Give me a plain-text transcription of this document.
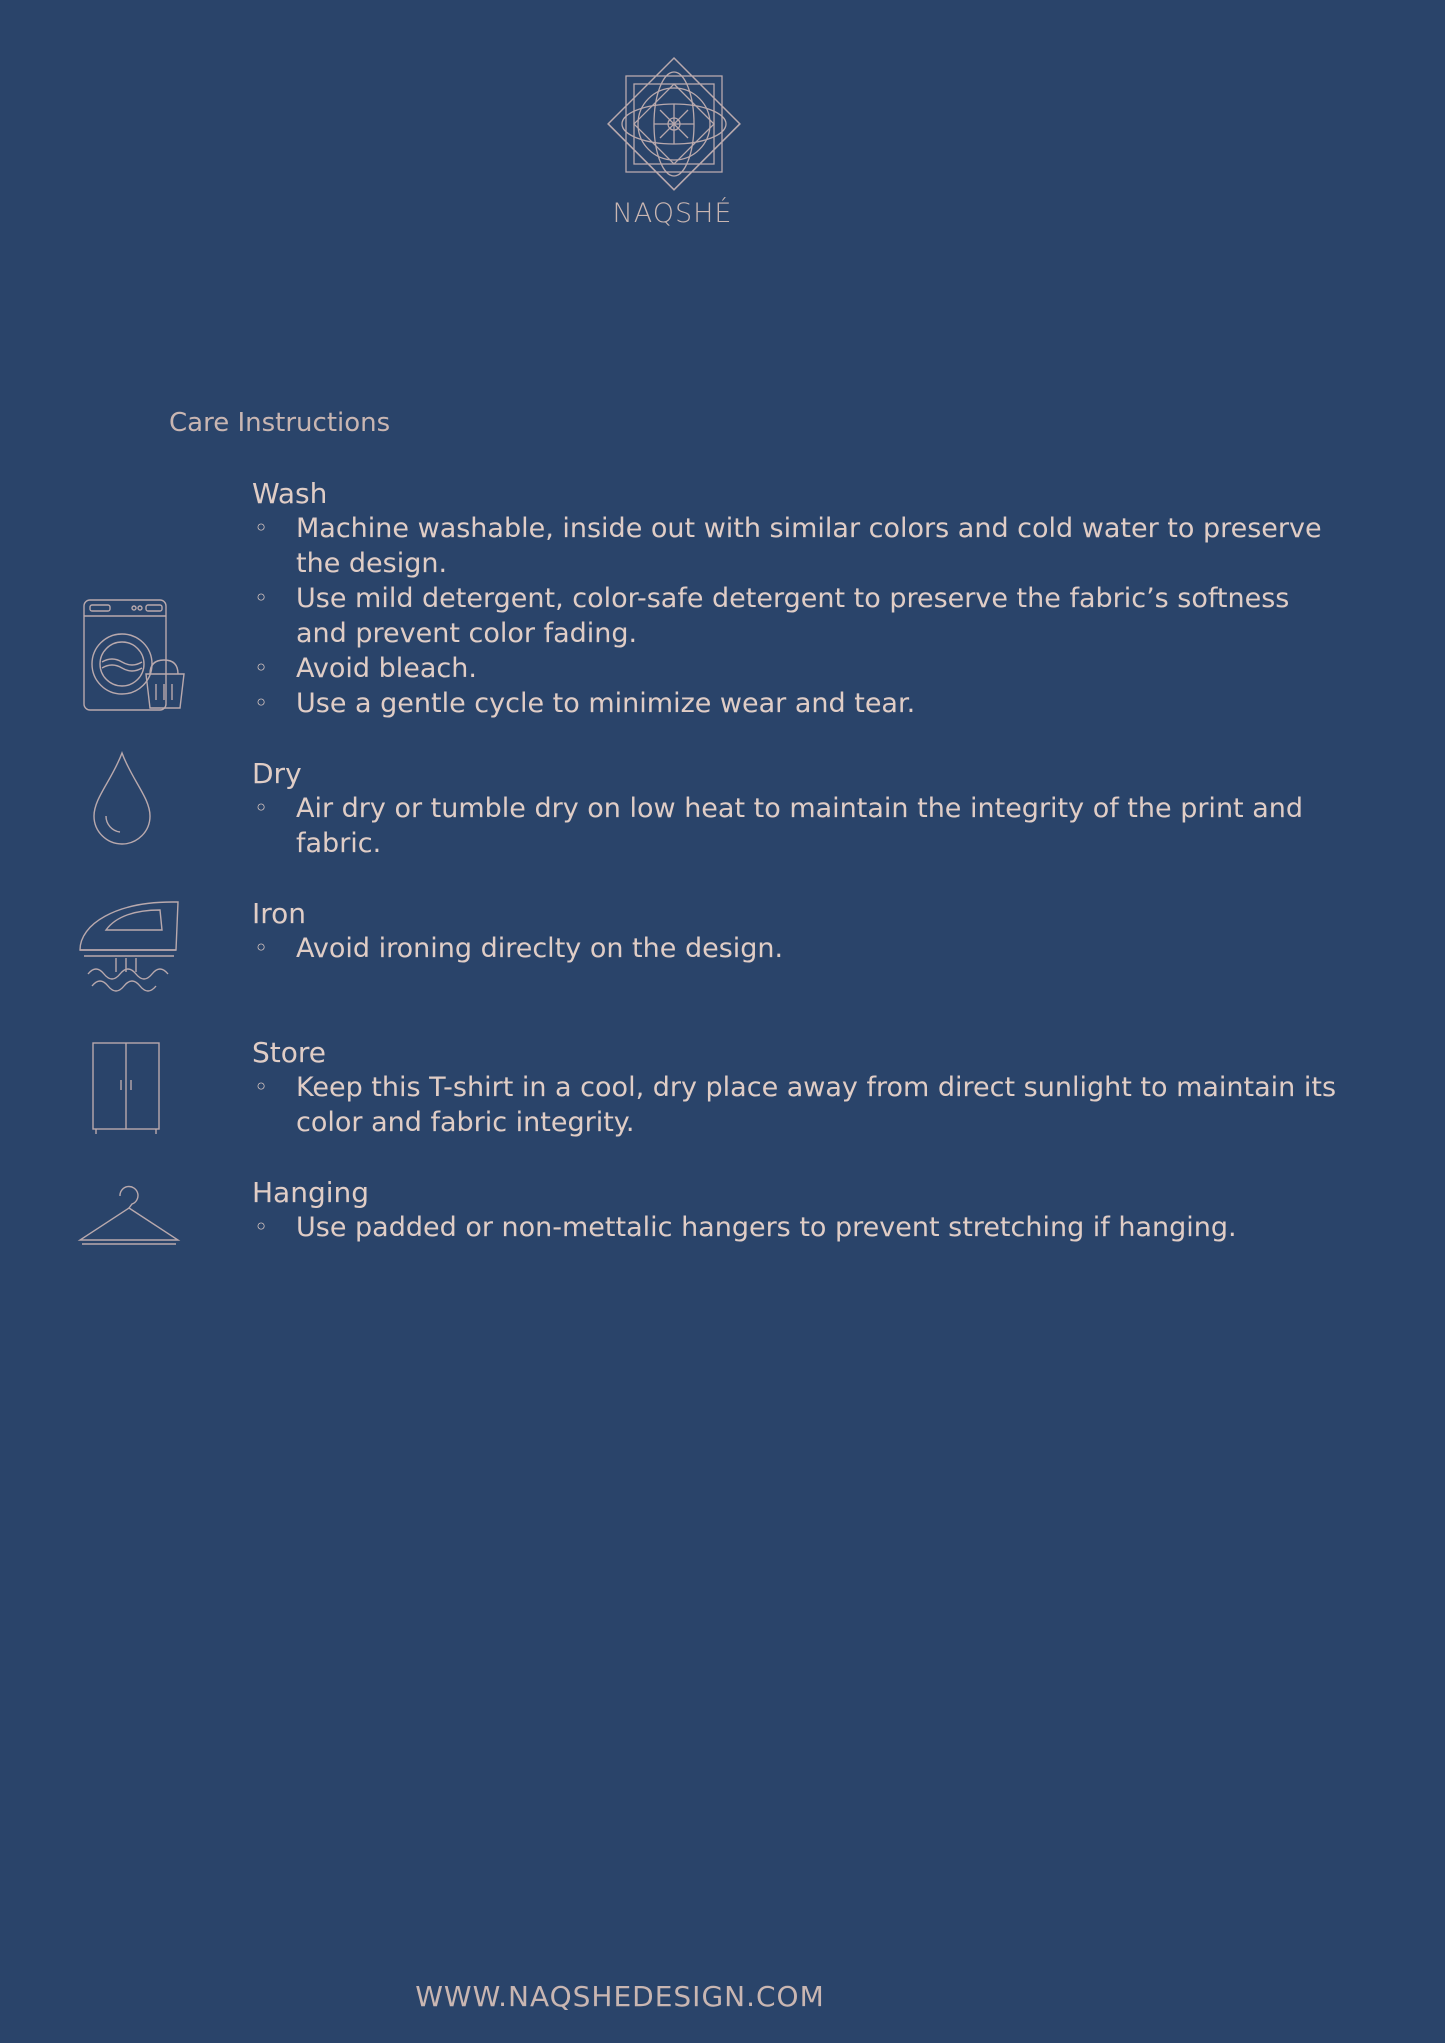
NAQSHÉ
Care Instructions

Wash

◦ Machine washable, inside out with similar colors and cold water to preserve the design.
◦ Use mild detergent, color-safe detergent to preserve the fabric’s softness and prevent color fading.
◦ Avoid bleach.
◦ Use a gentle cycle to minimize wear and tear.

Dry

◦ Air dry or tumble dry on low heat to maintain the integrity of the print and fabric.

Iron

◦ Avoid ironing direclty on the design.

Store

◦ Keep this T-shirt in a cool, dry place away from direct sunlight to maintain its color and fabric integrity.

Hanging

◦ Use padded or non-mettalic hangers to prevent stretching if hanging.
WWW.NAQSHEDESIGN.COM
